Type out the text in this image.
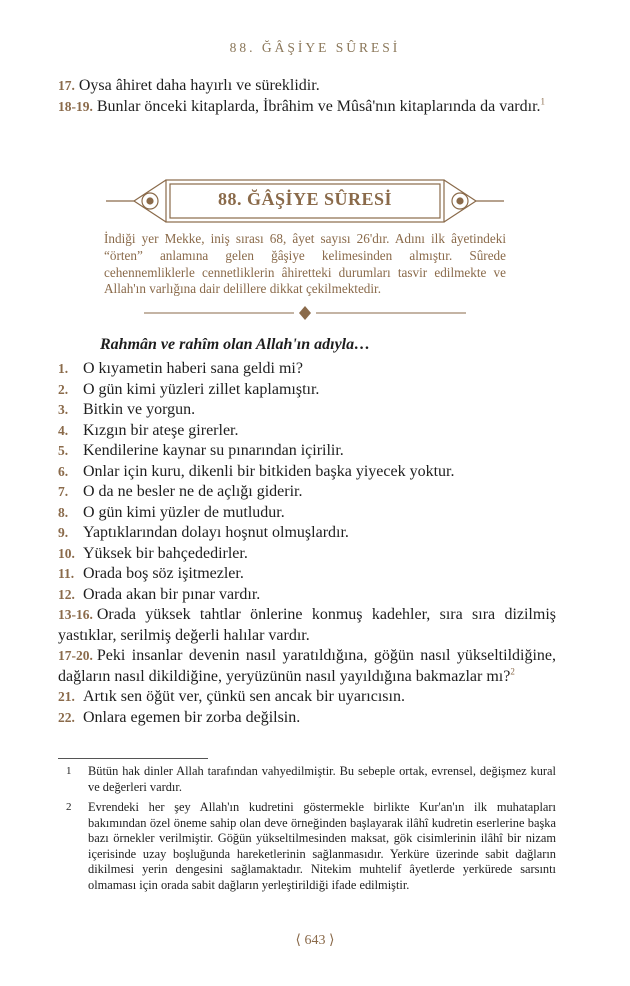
88. ĞÂŞİYE SÛRESİ

17. Oysa âhiret daha hayırlı ve süreklidir.

18-19. Bunlar önceki kitaplarda, İbrâhim ve Mûsâ'nın kitaplarında da vardır.$^1$

88. ĞÂŞİYE SÛRESİ
İndiği yer Mekke, iniş sırası 68, âyet sayısı 26'dır. Adını ilk âyetindeki “örten” anlamına gelen ğâşiye kelimesinden almıştır. Sûrede cehennemliklerle cennetliklerin âhiretteki durumları tasvir edilmekte ve Allah'ın varlığına dair delillere dikkat çekilmektedir.
Rahmân ve rahîm olan Allah'ın adıyla…

1. O kıyametin haberi sana geldi mi?

2. O gün kimi yüzleri zillet kaplamıştır.

3. Bitkin ve yorgun.

4. Kızgın bir ateşe girerler.

5. Kendilerine kaynar su pınarından içirilir.

6. Onlar için kuru, dikenli bir bitkiden başka yiyecek yoktur.

7. O da ne besler ne de açlığı giderir.

8. O gün kimi yüzler de mutludur.

9. Yaptıklarından dolayı hoşnut olmuşlardır.

10. Yüksek bir bahçededirler.

11. Orada boş söz işitmezler.

12. Orada akan bir pınar vardır.

13-16. Orada yüksek tahtlar önlerine konmuş kadehler, sıra sıra dizilmiş yastıklar, serilmiş değerli halılar vardır.

17-20. Peki insanlar devenin nasıl yaratıldığına, göğün nasıl yükseltildiğine, dağların nasıl dikildiğine, yeryüzünün nasıl yayıldığına bakmazlar mı?$^2$

21. Artık sen öğüt ver, çünkü sen ancak bir uyarıcısın.

22. Onlara egemen bir zorba değilsin.

1 Bütün hak dinler Allah tarafından vahyedilmiştir. Bu sebeple ortak, evrensel, değişmez kural ve değerleri vardır.
2 Evrendeki her şey Allah'ın kudretini göstermekle birlikte Kur'an'ın ilk muhatapları bakımından özel öneme sahip olan deve örneğinden başlayarak ilâhî kudretin eserlerine başka bazı örnekler verilmiştir. Göğün yükseltilmesinden maksat, gök cisimlerinin ilâhî bir nizam içerisinde uzay boşluğunda hareketlerinin sağlanmasıdır. Yerküre üzerinde sabit dağların dikilmesi yerin dengesini sağlamaktadır. Nitekim muhtelif âyetlerde yerkürede sarsıntı olmaması için orada sabit dağların yerleştirildiği ifade edilmiştir.
⟨ 643 ⟩
